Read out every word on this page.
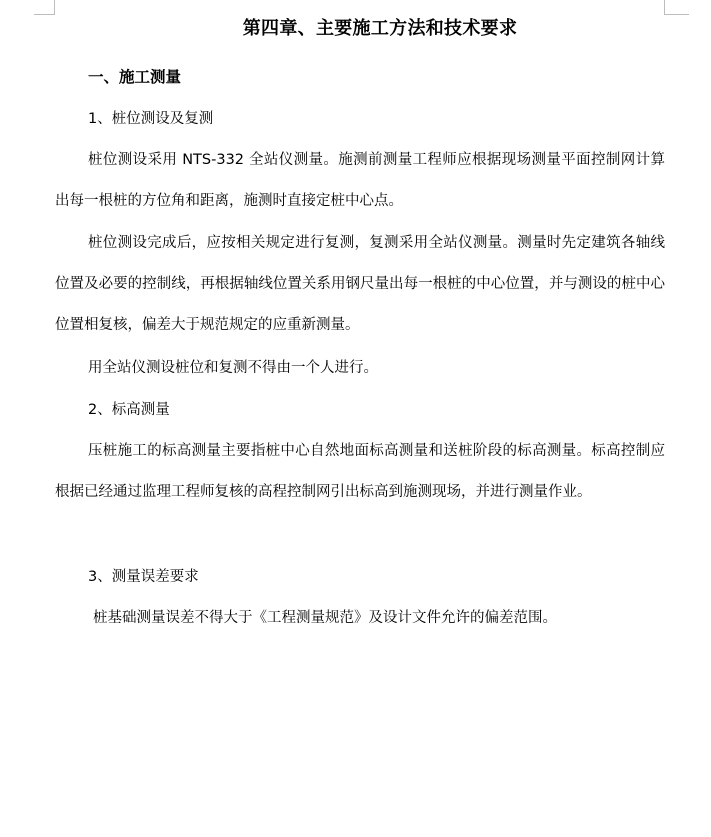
第四章、主要施工方法和技术要求
一、施工测量
1、桩位测设及复测
桩位测设采用 NTS-332 全站仪测量。施测前测量工程师应根据现场测量平面控制网计算出每一根桩的方位角和距离，施测时直接定桩中心点。
桩位测设完成后，应按相关规定进行复测，复测采用全站仪测量。测量时先定建筑各轴线位置及必要的控制线，再根据轴线位置关系用钢尺量出每一根桩的中心位置，并与测设的桩中心位置相复核，偏差大于规范规定的应重新测量。
用全站仪测设桩位和复测不得由一个人进行。
2、标高测量
压桩施工的标高测量主要指桩中心自然地面标高测量和送桩阶段的标高测量。标高控制应根据已经通过监理工程师复核的高程控制网引出标高到施测现场，并进行测量作业。
3、测量误差要求
桩基础测量误差不得大于《工程测量规范》及设计文件允许的偏差范围。
